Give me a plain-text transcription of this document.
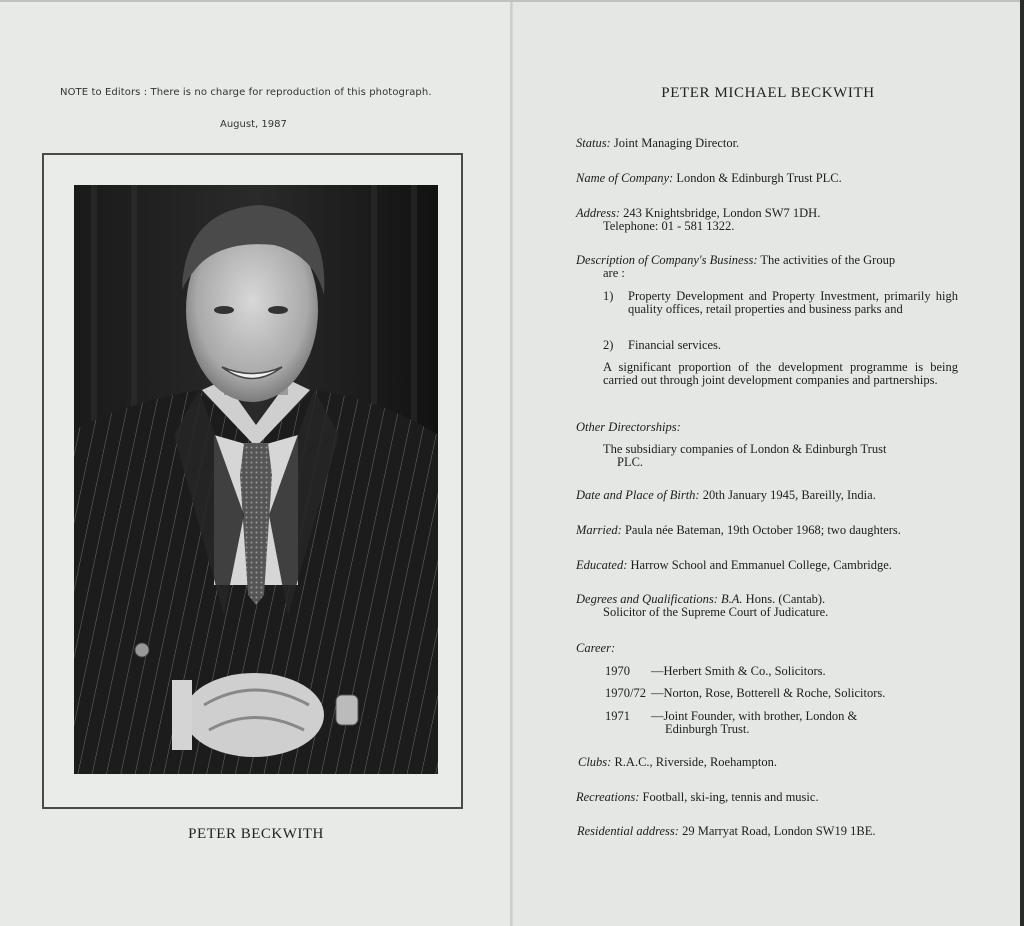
NOTE to Editors : There is no charge for reproduction of this photograph.
August, 1987
PETER BECKWITH
PETER MICHAEL BECKWITH
Status: Joint Managing Director.
Name of Company: London & Edinburgh Trust PLC.
Address: 243 Knightsbridge, London SW7 1DH.
Telephone: 01 - 581 1322.
Description of Company's Business: The activities of the Group
are :
1) Property Development and Property Investment, primarily high quality offices, retail properties and business parks and
2) Financial services.
A significant proportion of the development programme is being carried out through joint development companies and partnerships.
Other Directorships:
The subsidiary companies of London & Edinburgh Trust
PLC.
Date and Place of Birth: 20th January 1945, Bareilly, India.
Married: Paula née Bateman, 19th October 1968; two daughters.
Educated: Harrow School and Emmanuel College, Cambridge.
Degrees and Qualifications: B.A. Hons. (Cantab).
Solicitor of the Supreme Court of Judicature.
Career:
1970 —Herbert Smith & Co., Solicitors.
1970/72 —Norton, Rose, Botterell & Roche, Solicitors.
1971 —Joint Founder, with brother, London &
Edinburgh Trust.
Clubs: R.A.C., Riverside, Roehampton.
Recreations: Football, ski-ing, tennis and music.
Residential address: 29 Marryat Road, London SW19 1BE.
